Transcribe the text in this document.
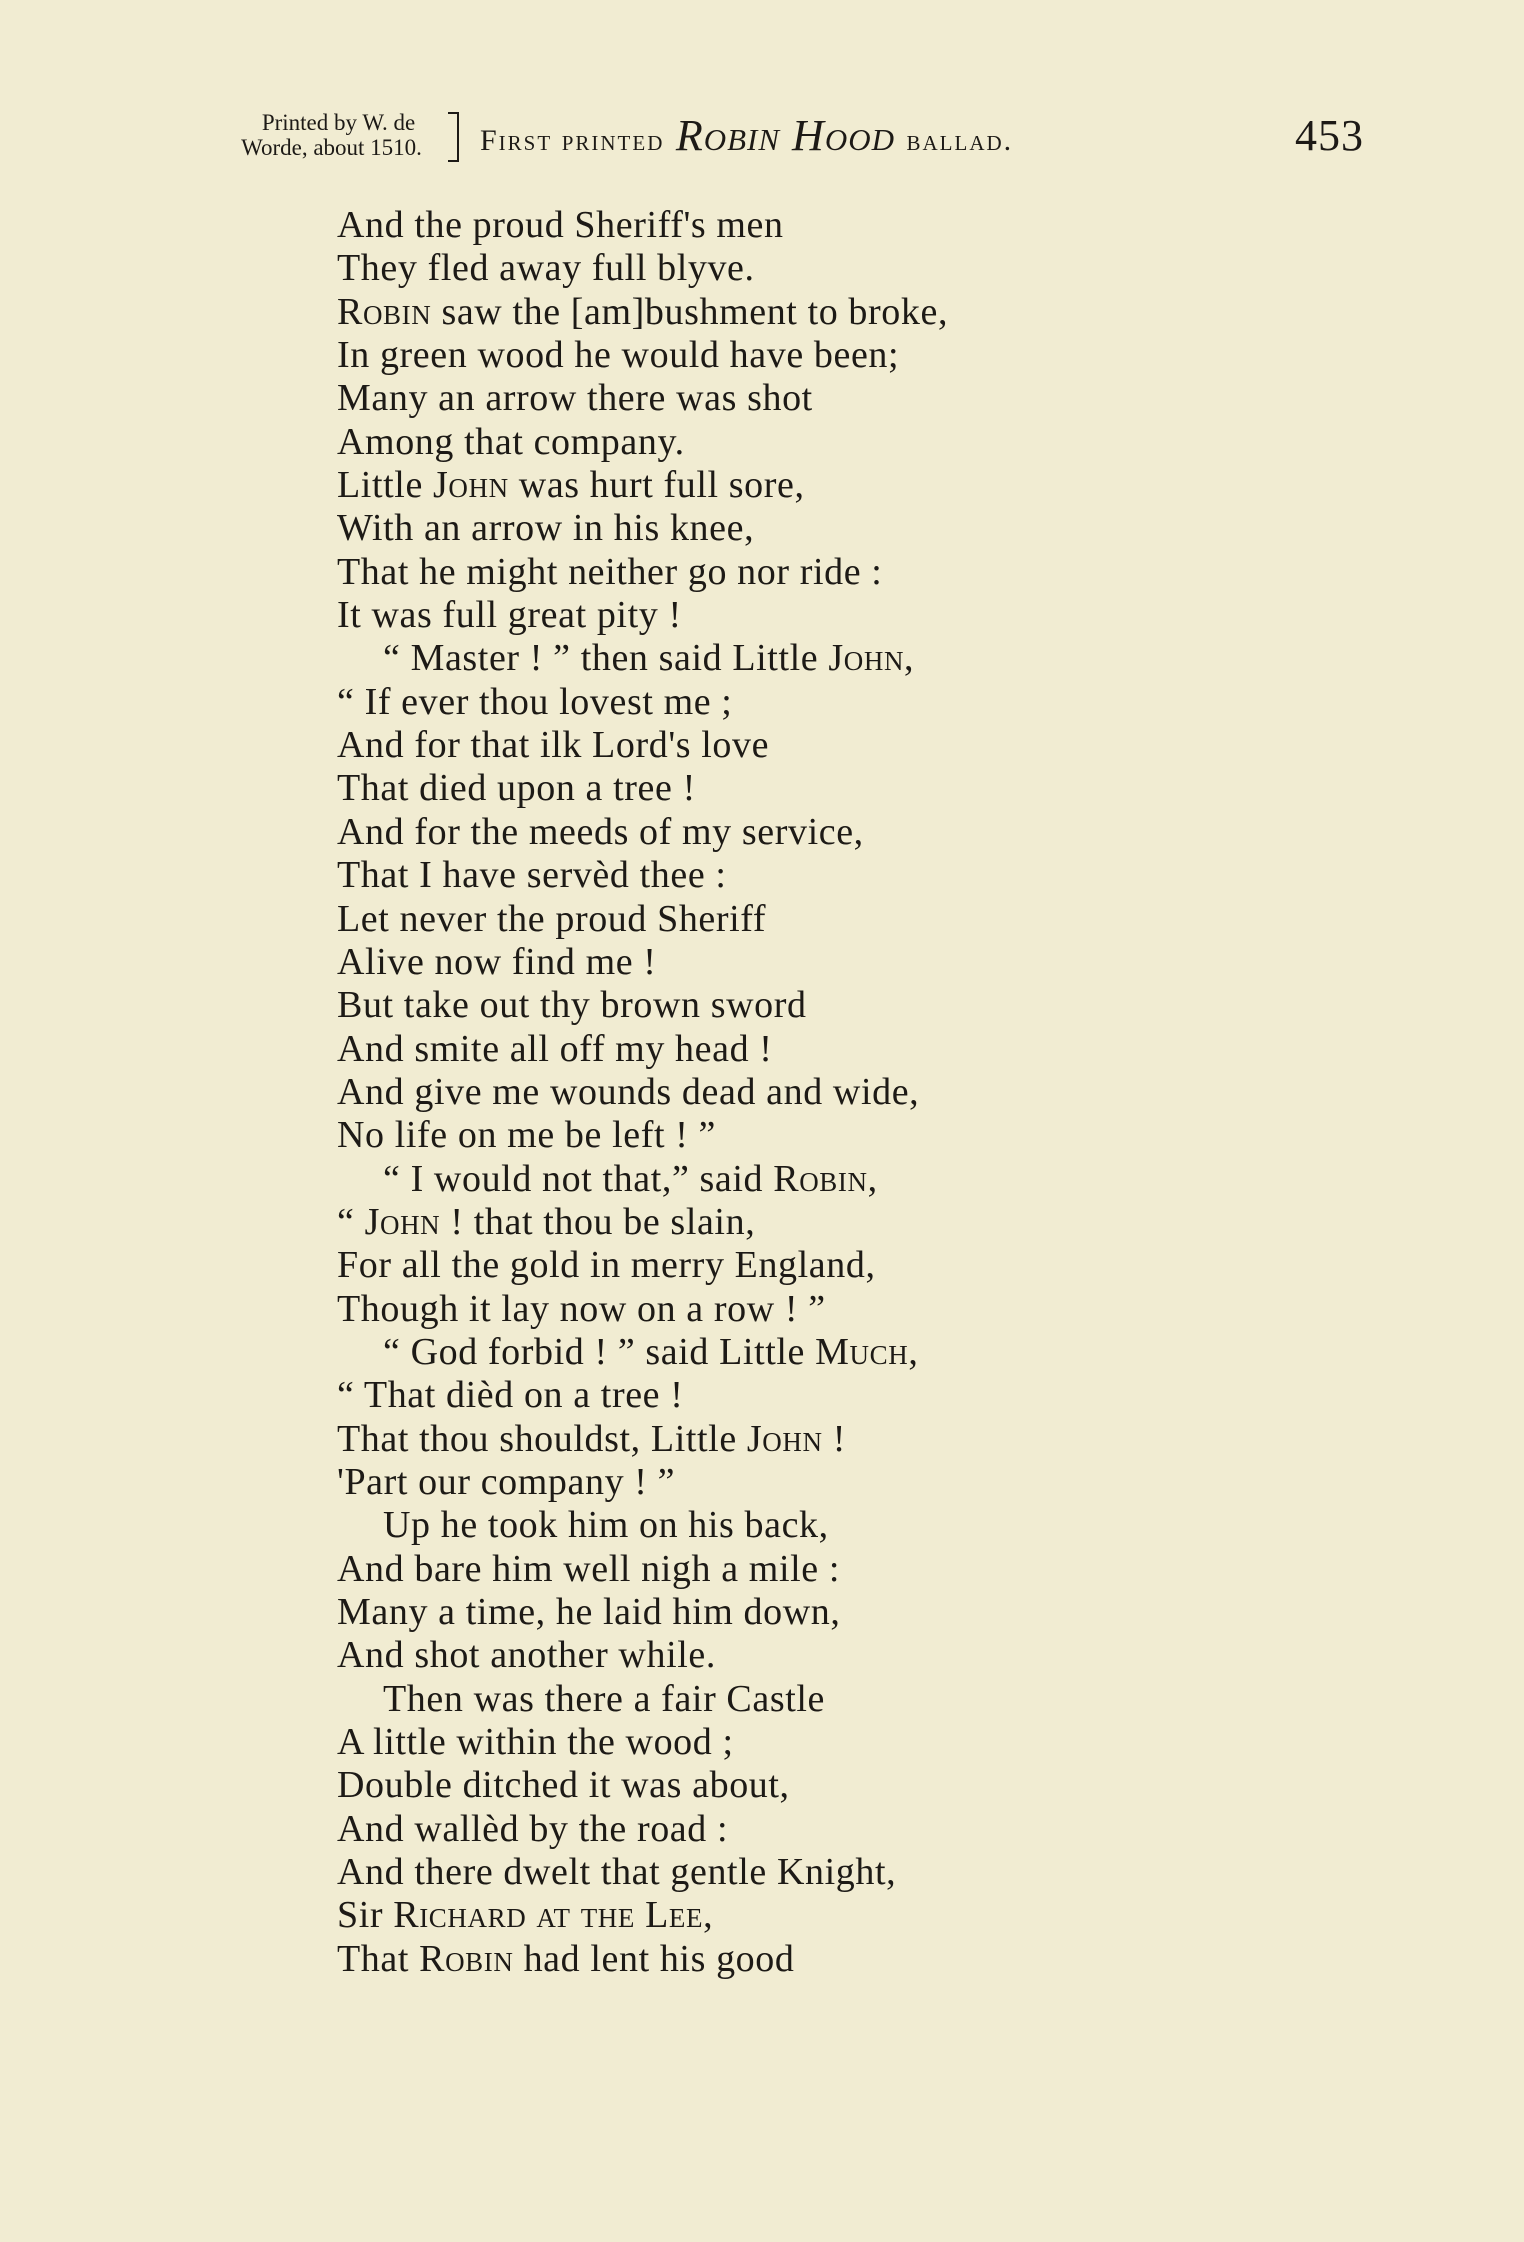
Printed by W. de
Worde, about 1510.	First printed Robin Hood ballad.	453
And the proud Sheriff's men
They fled away full blyve.
Robin saw the [am]bushment to broke,
In green wood he would have been;
Many an arrow there was shot
Among that company.
Little John was hurt full sore,
With an arrow in his knee,
That he might neither go nor ride :
It was full great pity !
“ Master ! ” then said Little John,
“ If ever thou lovest me ;
And for that ilk Lord's love
That died upon a tree !
And for the meeds of my service,
That I have servèd thee :
Let never the proud Sheriff
Alive now find me !
But take out thy brown sword
And smite all off my head !
And give me wounds dead and wide,
No life on me be left ! ”
“ I would not that,” said Robin,
“ John ! that thou be slain,
For all the gold in merry England,
Though it lay now on a row ! ”
“ God forbid ! ” said Little Much,
“ That dièd on a tree !
That thou shouldst, Little John !
'Part our company ! ”
Up he took him on his back,
And bare him well nigh a mile :
Many a time, he laid him down,
And shot another while.
Then was there a fair Castle
A little within the wood ;
Double ditched it was about,
And wallèd by the road :
And there dwelt that gentle Knight,
Sir Richard at the Lee,
That Robin had lent his good
